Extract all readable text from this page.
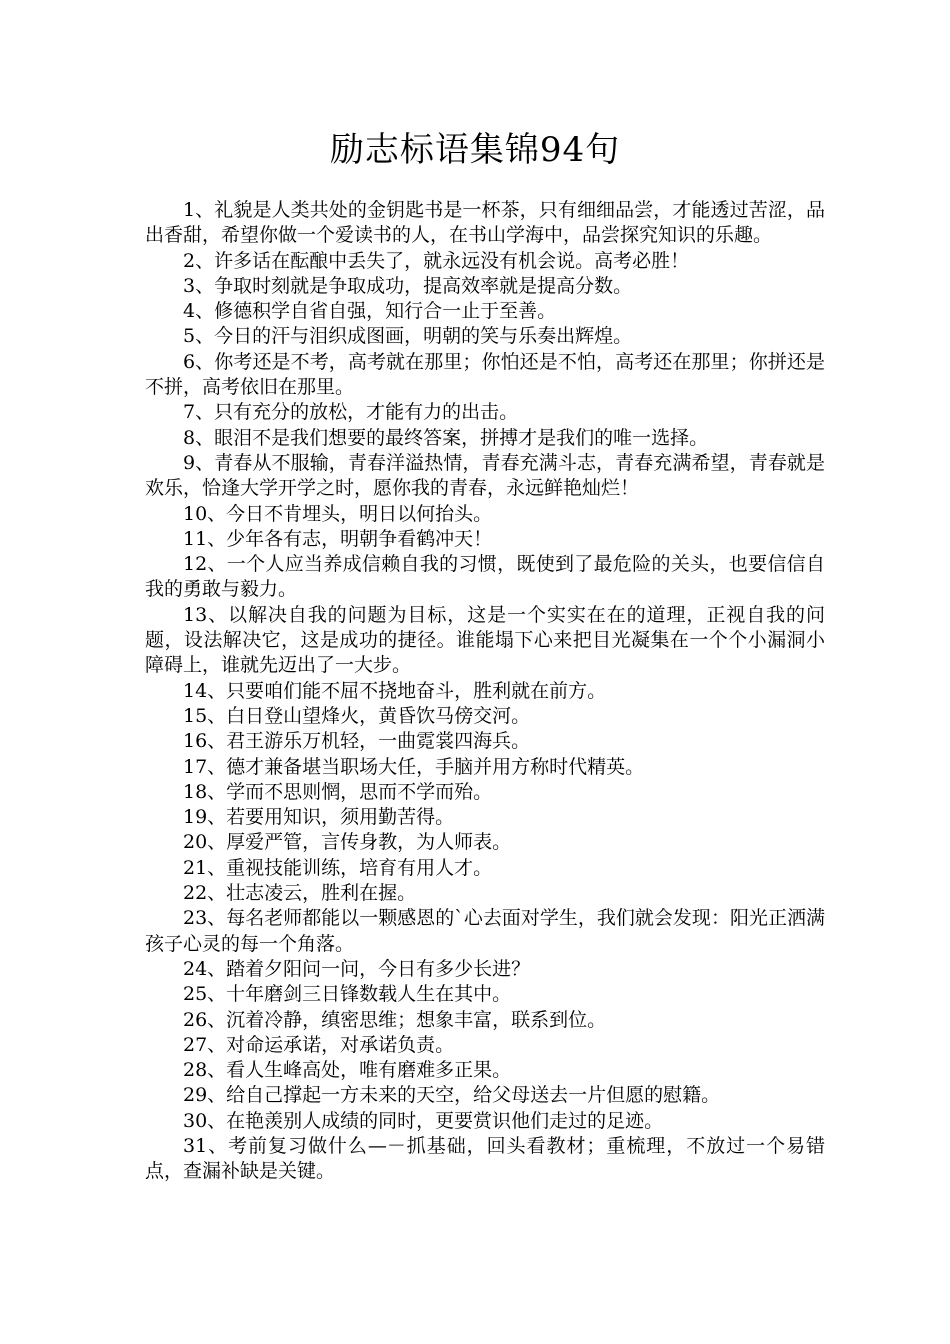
励志标语集锦94句

1、礼貌是人类共处的金钥匙书是一杯茶，只有细细品尝，才能透过苦涩，品出香甜，希望你做一个爱读书的人，在书山学海中，品尝探究知识的乐趣。

2、许多话在酝酿中丢失了，就永远没有机会说。高考必胜！

3、争取时刻就是争取成功，提高效率就是提高分数。

4、修德积学自省自强，知行合一止于至善。

5、今日的汗与泪织成图画，明朝的笑与乐奏出辉煌。

6、你考还是不考，高考就在那里；你怕还是不怕，高考还在那里；你拼还是不拼，高考依旧在那里。

7、只有充分的放松，才能有力的出击。

8、眼泪不是我们想要的最终答案，拼搏才是我们的唯一选择。

9、青春从不服输，青春洋溢热情，青春充满斗志，青春充满希望，青春就是欢乐，恰逢大学开学之时，愿你我的青春，永远鲜艳灿烂！

10、今日不肯埋头，明日以何抬头。

11、少年各有志，明朝争看鹤冲天！

12、一个人应当养成信赖自我的习惯，既使到了最危险的关头，也要信信自我的勇敢与毅力。

13、以解决自我的问题为目标，这是一个实实在在的道理，正视自我的问题，设法解决它，这是成功的捷径。谁能塌下心来把目光凝集在一个个小漏洞小障碍上，谁就先迈出了一大步。

14、只要咱们能不屈不挠地奋斗，胜利就在前方。

15、白日登山望烽火，黄昏饮马傍交河。

16、君王游乐万机轻，一曲霓裳四海兵。

17、德才兼备堪当职场大任，手脑并用方称时代精英。

18、学而不思则惘，思而不学而殆。

19、若要用知识，须用勤苦得。

20、厚爱严管，言传身教，为人师表。

21、重视技能训练，培育有用人才。

22、壮志凌云，胜利在握。

23、每名老师都能以一颗感恩的`心去面对学生，我们就会发现：阳光正洒满孩子心灵的每一个角落。

24、踏着夕阳问一问，今日有多少长进？

25、十年磨剑三日锋数载人生在其中。

26、沉着冷静，缜密思维；想象丰富，联系到位。

27、对命运承诺，对承诺负责。

28、看人生峰高处，唯有磨难多正果。

29、给自己撑起一方未来的天空，给父母送去一片但愿的慰籍。

30、在艳羡别人成绩的同时，更要赏识他们走过的足迹。

31、考前复习做什么—－抓基础，回头看教材；重梳理，不放过一个易错点，查漏补缺是关键。
